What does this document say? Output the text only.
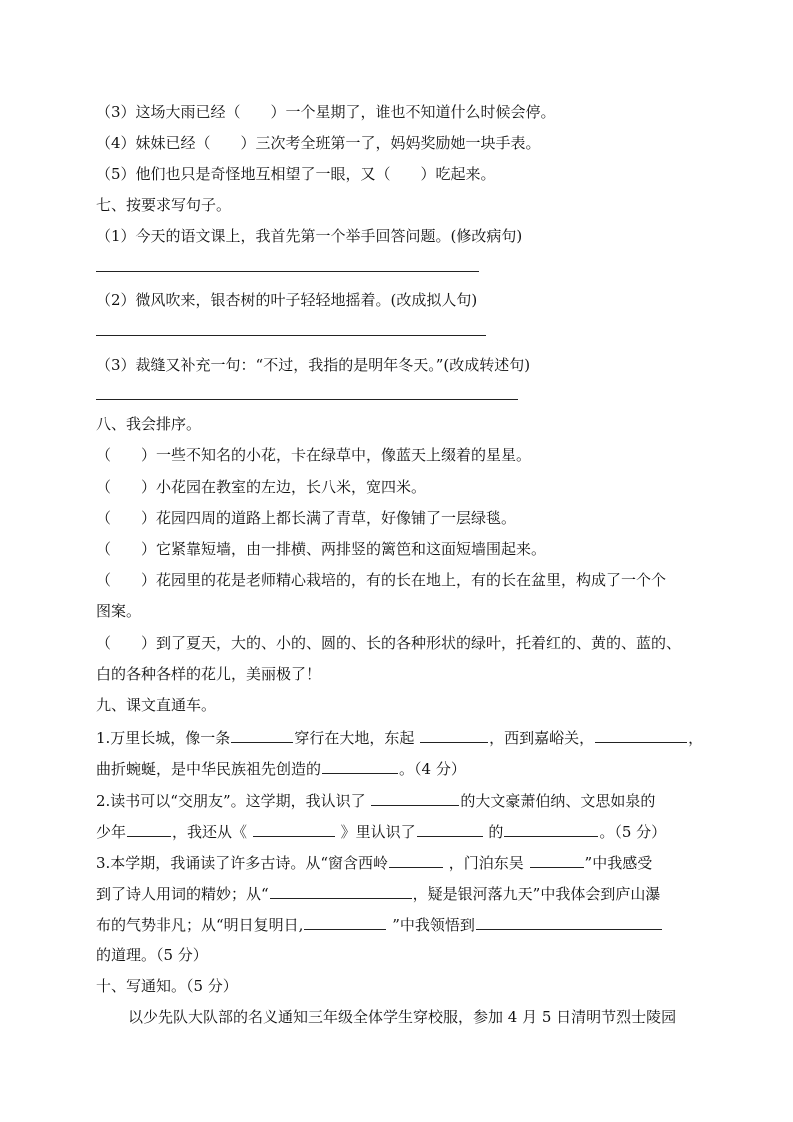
（3）这场大雨已经（　　）一个星期了，谁也不知道什么时候会停。
（4）妹妹已经（　　）三次考全班第一了，妈妈奖励她一块手表。
（5）他们也只是奇怪地互相望了一眼，又（　　）吃起来。
七、按要求写句子。
（1）今天的语文课上，我首先第一个举手回答问题。(修改病句)
（2）微风吹来，银杏树的叶子轻轻地摇着。(改成拟人句)
（3）裁缝又补充一句：“不过，我指的是明年冬天。”(改成转述句)
八、我会排序。
（　　）一些不知名的小花，卡在绿草中，像蓝天上缀着的星星。
（　　）小花园在教室的左边，长八米，宽四米。
（　　）花园四周的道路上都长满了青草，好像铺了一层绿毯。
（　　）它紧靠短墙，由一排横、两排竖的篱笆和这面短墙围起来。
（　　）花园里的花是老师精心栽培的，有的长在地上，有的长在盆里，构成了一个个
图案。
（　　）到了夏天，大的、小的、圆的、长的各种形状的绿叶，托着红的、黄的、蓝的、
白的各种各样的花儿，美丽极了！
九、课文直通车。
1.万里长城，像一条	穿行在大地，东起	，西到嘉峪关，	，
曲折蜿蜒，是中华民族祖先创造的	。（4 分）
2.读书可以“交朋友”。这学期，我认识了	的大文豪萧伯纳、文思如泉的
少年	，我还从《	》里认识了	的	。（5 分）
3.本学期，我诵读了许多古诗。从“窗含西岭	，门泊东吴	”中我感受
到了诗人用词的精妙；从“	，疑是银河落九天”中我体会到庐山瀑
布的气势非凡；从“明日复明日,	”中我领悟到
的道理。（5 分）
十、写通知。（5 分）
以少先队大队部的名义通知三年级全体学生穿校服，参加 4 月 5 日清明节烈士陵园
